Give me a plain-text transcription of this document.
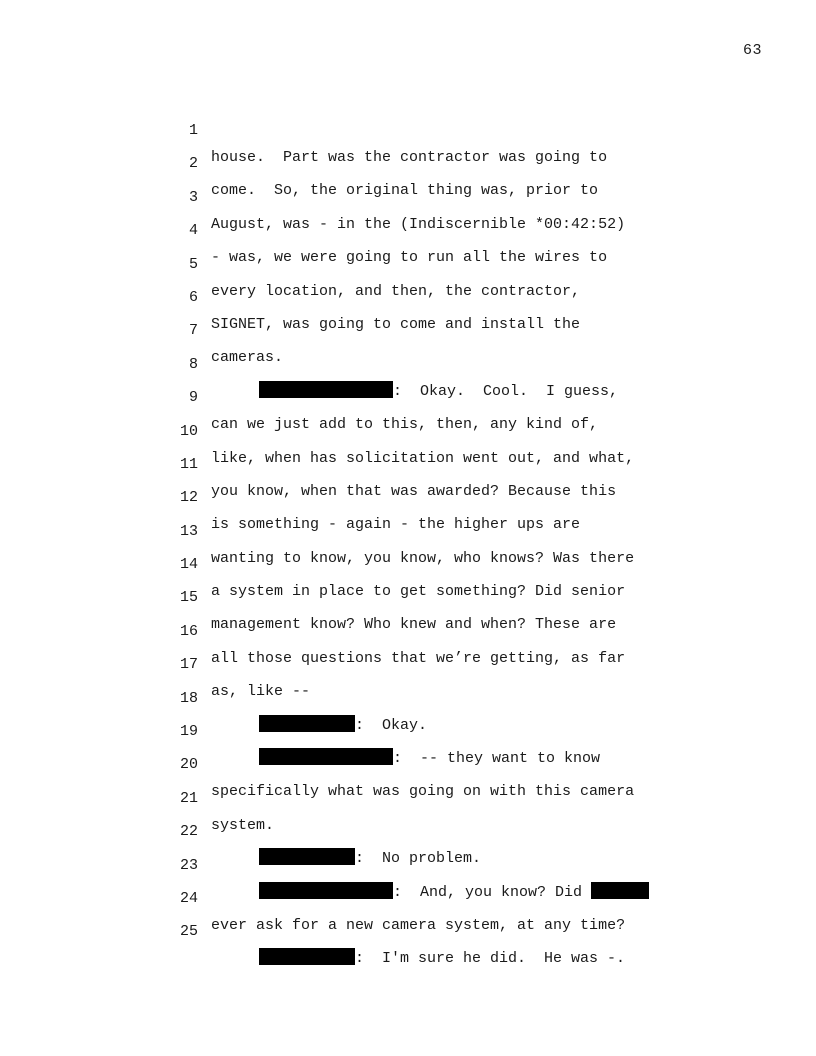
63

1

house.  Part was the contractor was going to

2

come.  So, the original thing was, prior to

3

August, was - in the (Indiscernible *00:42:52)

4

- was, we were going to run all the wires to

5

every location, and then, the contractor,

6

SIGNET, was going to come and install the

7

cameras.

8

:  Okay.  Cool.  I guess,

9

can we just add to this, then, any kind of,

10

like, when has solicitation went out, and what,

11

you know, when that was awarded? Because this

12

is something - again - the higher ups are

13

wanting to know, you know, who knows? Was there

14

a system in place to get something? Did senior

15

management know? Who knew and when? These are

16

all those questions that we’re getting, as far

17

as, like --

18

:  Okay.

19

:  -- they want to know

20

specifically what was going on with this camera

21

system.

22

:  No problem.

23

:  And, you know? Did

24

ever ask for a new camera system, at any time?

25

:  I'm sure he did.  He was -.
